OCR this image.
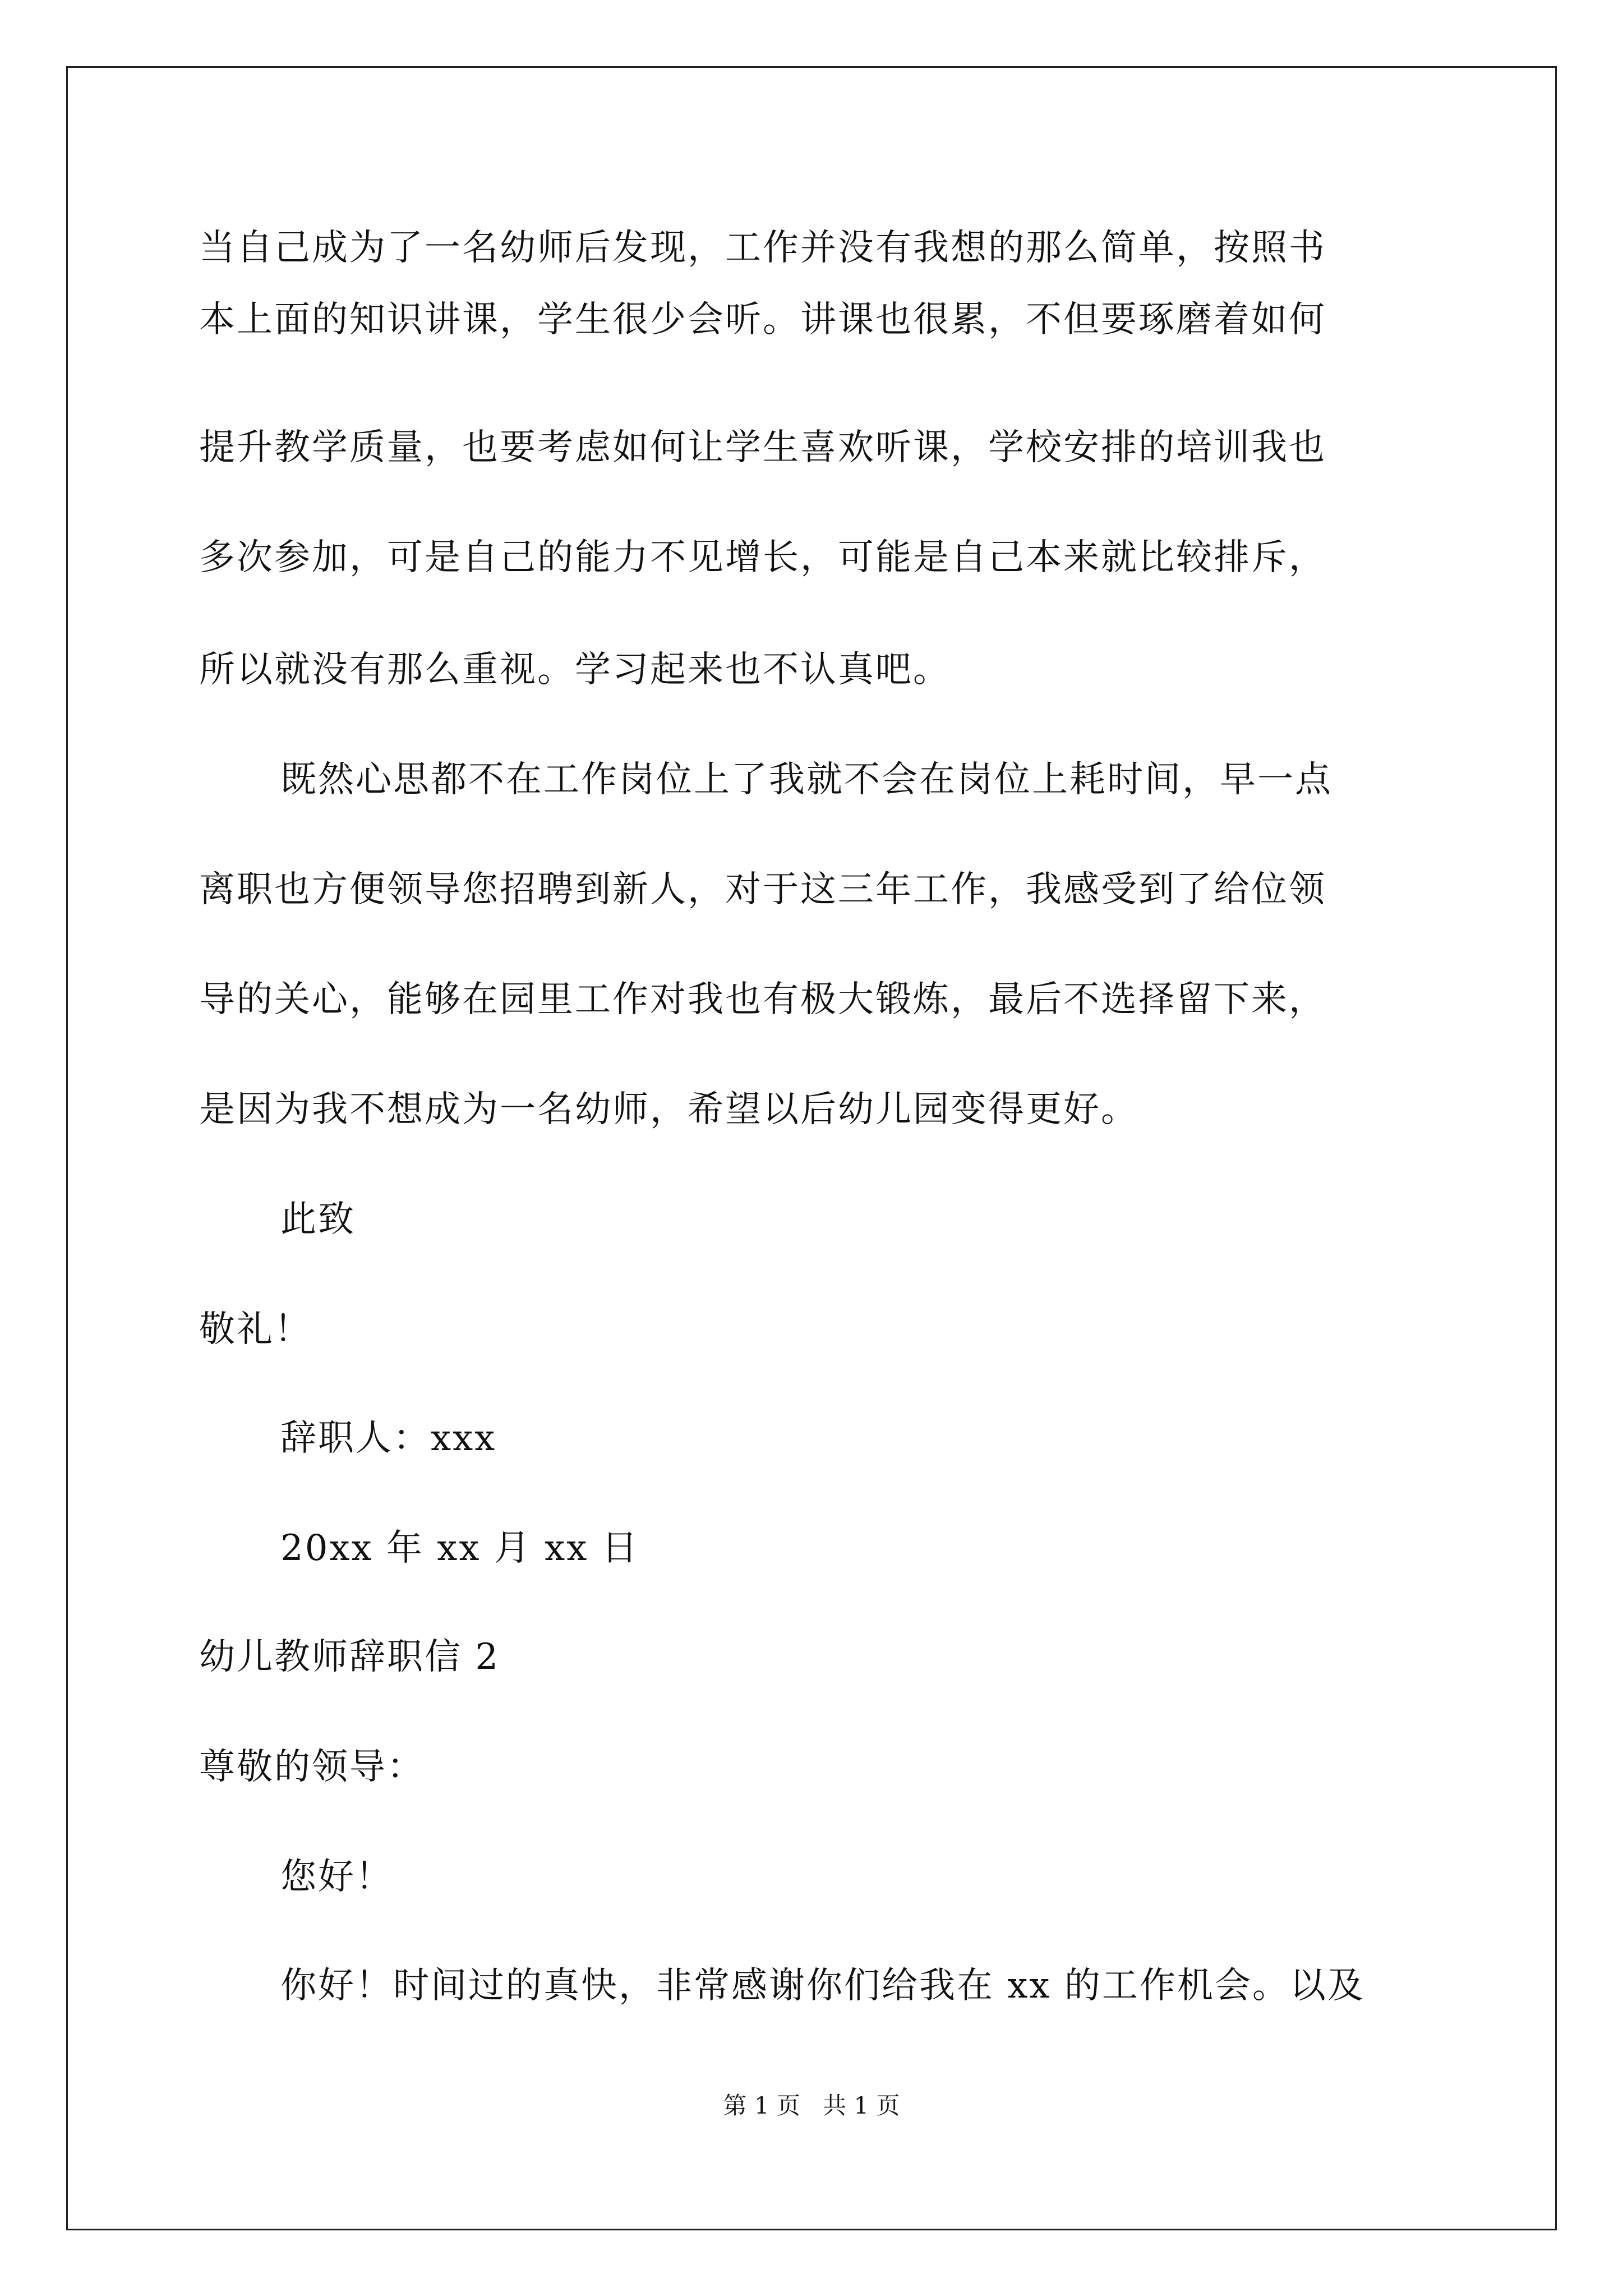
当自己成为了一名幼师后发现，工作并没有我想的那么简单，按照书
本上面的知识讲课，学生很少会听。讲课也很累，不但要琢磨着如何
提升教学质量，也要考虑如何让学生喜欢听课，学校安排的培训我也
多次参加，可是自己的能力不见增长，可能是自己本来就比较排斥，
所以就没有那么重视。学习起来也不认真吧。
既然心思都不在工作岗位上了我就不会在岗位上耗时间，早一点
离职也方便领导您招聘到新人，对于这三年工作，我感受到了给位领
导的关心，能够在园里工作对我也有极大锻炼，最后不选择留下来，
是因为我不想成为一名幼师，希望以后幼儿园变得更好。
此致
敬礼！
辞职人：xxx
20xx 年 xx 月 xx 日
幼儿教师辞职信 2
尊敬的领导：
您好！
你好！时间过的真快，非常感谢你们给我在 xx 的工作机会。以及
第 1 页   共 1 页
